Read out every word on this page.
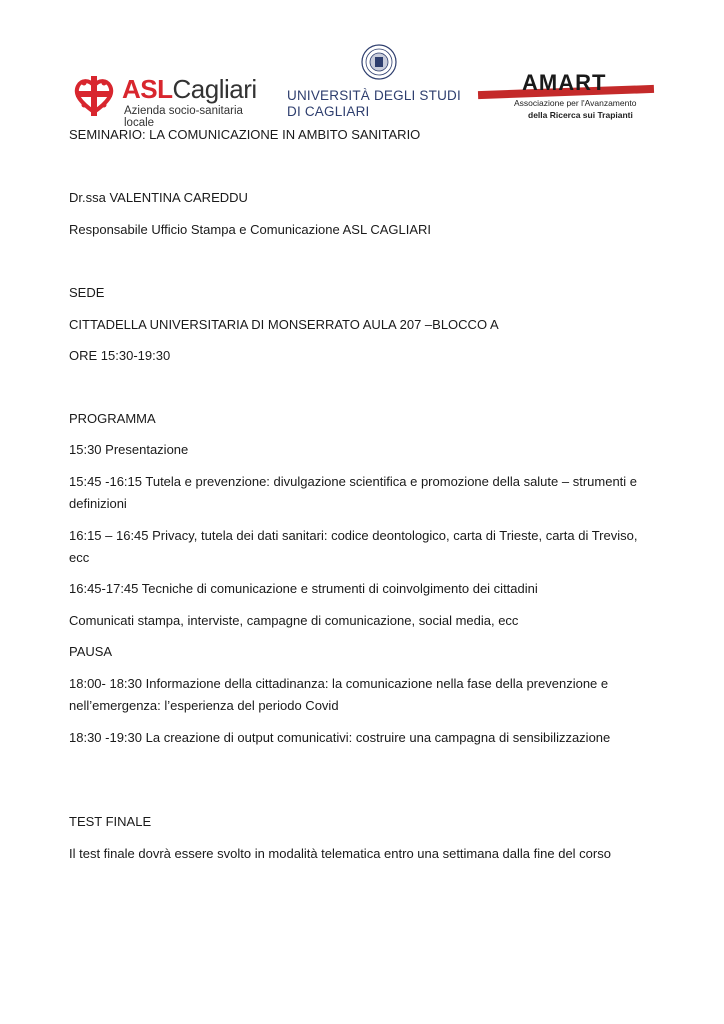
ASLCagliari
Azienda socio-sanitaria locale
UNIVERSITÀ DEGLI STUDI
DI CAGLIARI
AMART
Associazione per l'Avanzamento
della Ricerca sui Trapianti
SEMINARIO: LA COMUNICAZIONE IN AMBITO SANITARIO
Dr.ssa VALENTINA CAREDDU
Responsabile Ufficio Stampa e Comunicazione ASL CAGLIARI
SEDE
CITTADELLA UNIVERSITARIA DI MONSERRATO AULA 207 –BLOCCO A
ORE 15:30-19:30
PROGRAMMA
15:30 Presentazione
15:45 -16:15 Tutela e prevenzione: divulgazione scientifica e promozione della salute – strumenti e definizioni
16:15 – 16:45 Privacy, tutela dei dati sanitari: codice deontologico, carta di Trieste, carta di Treviso, ecc
16:45-17:45 Tecniche di comunicazione e strumenti di coinvolgimento dei cittadini
Comunicati stampa, interviste, campagne di comunicazione, social media, ecc
PAUSA
18:00- 18:30 Informazione della cittadinanza: la comunicazione nella fase della prevenzione e nell’emergenza: l’esperienza del periodo Covid
18:30 -19:30 La creazione di output comunicativi: costruire una campagna di sensibilizzazione
TEST FINALE
Il test finale dovrà essere svolto in modalità telematica entro una settimana dalla fine del corso
